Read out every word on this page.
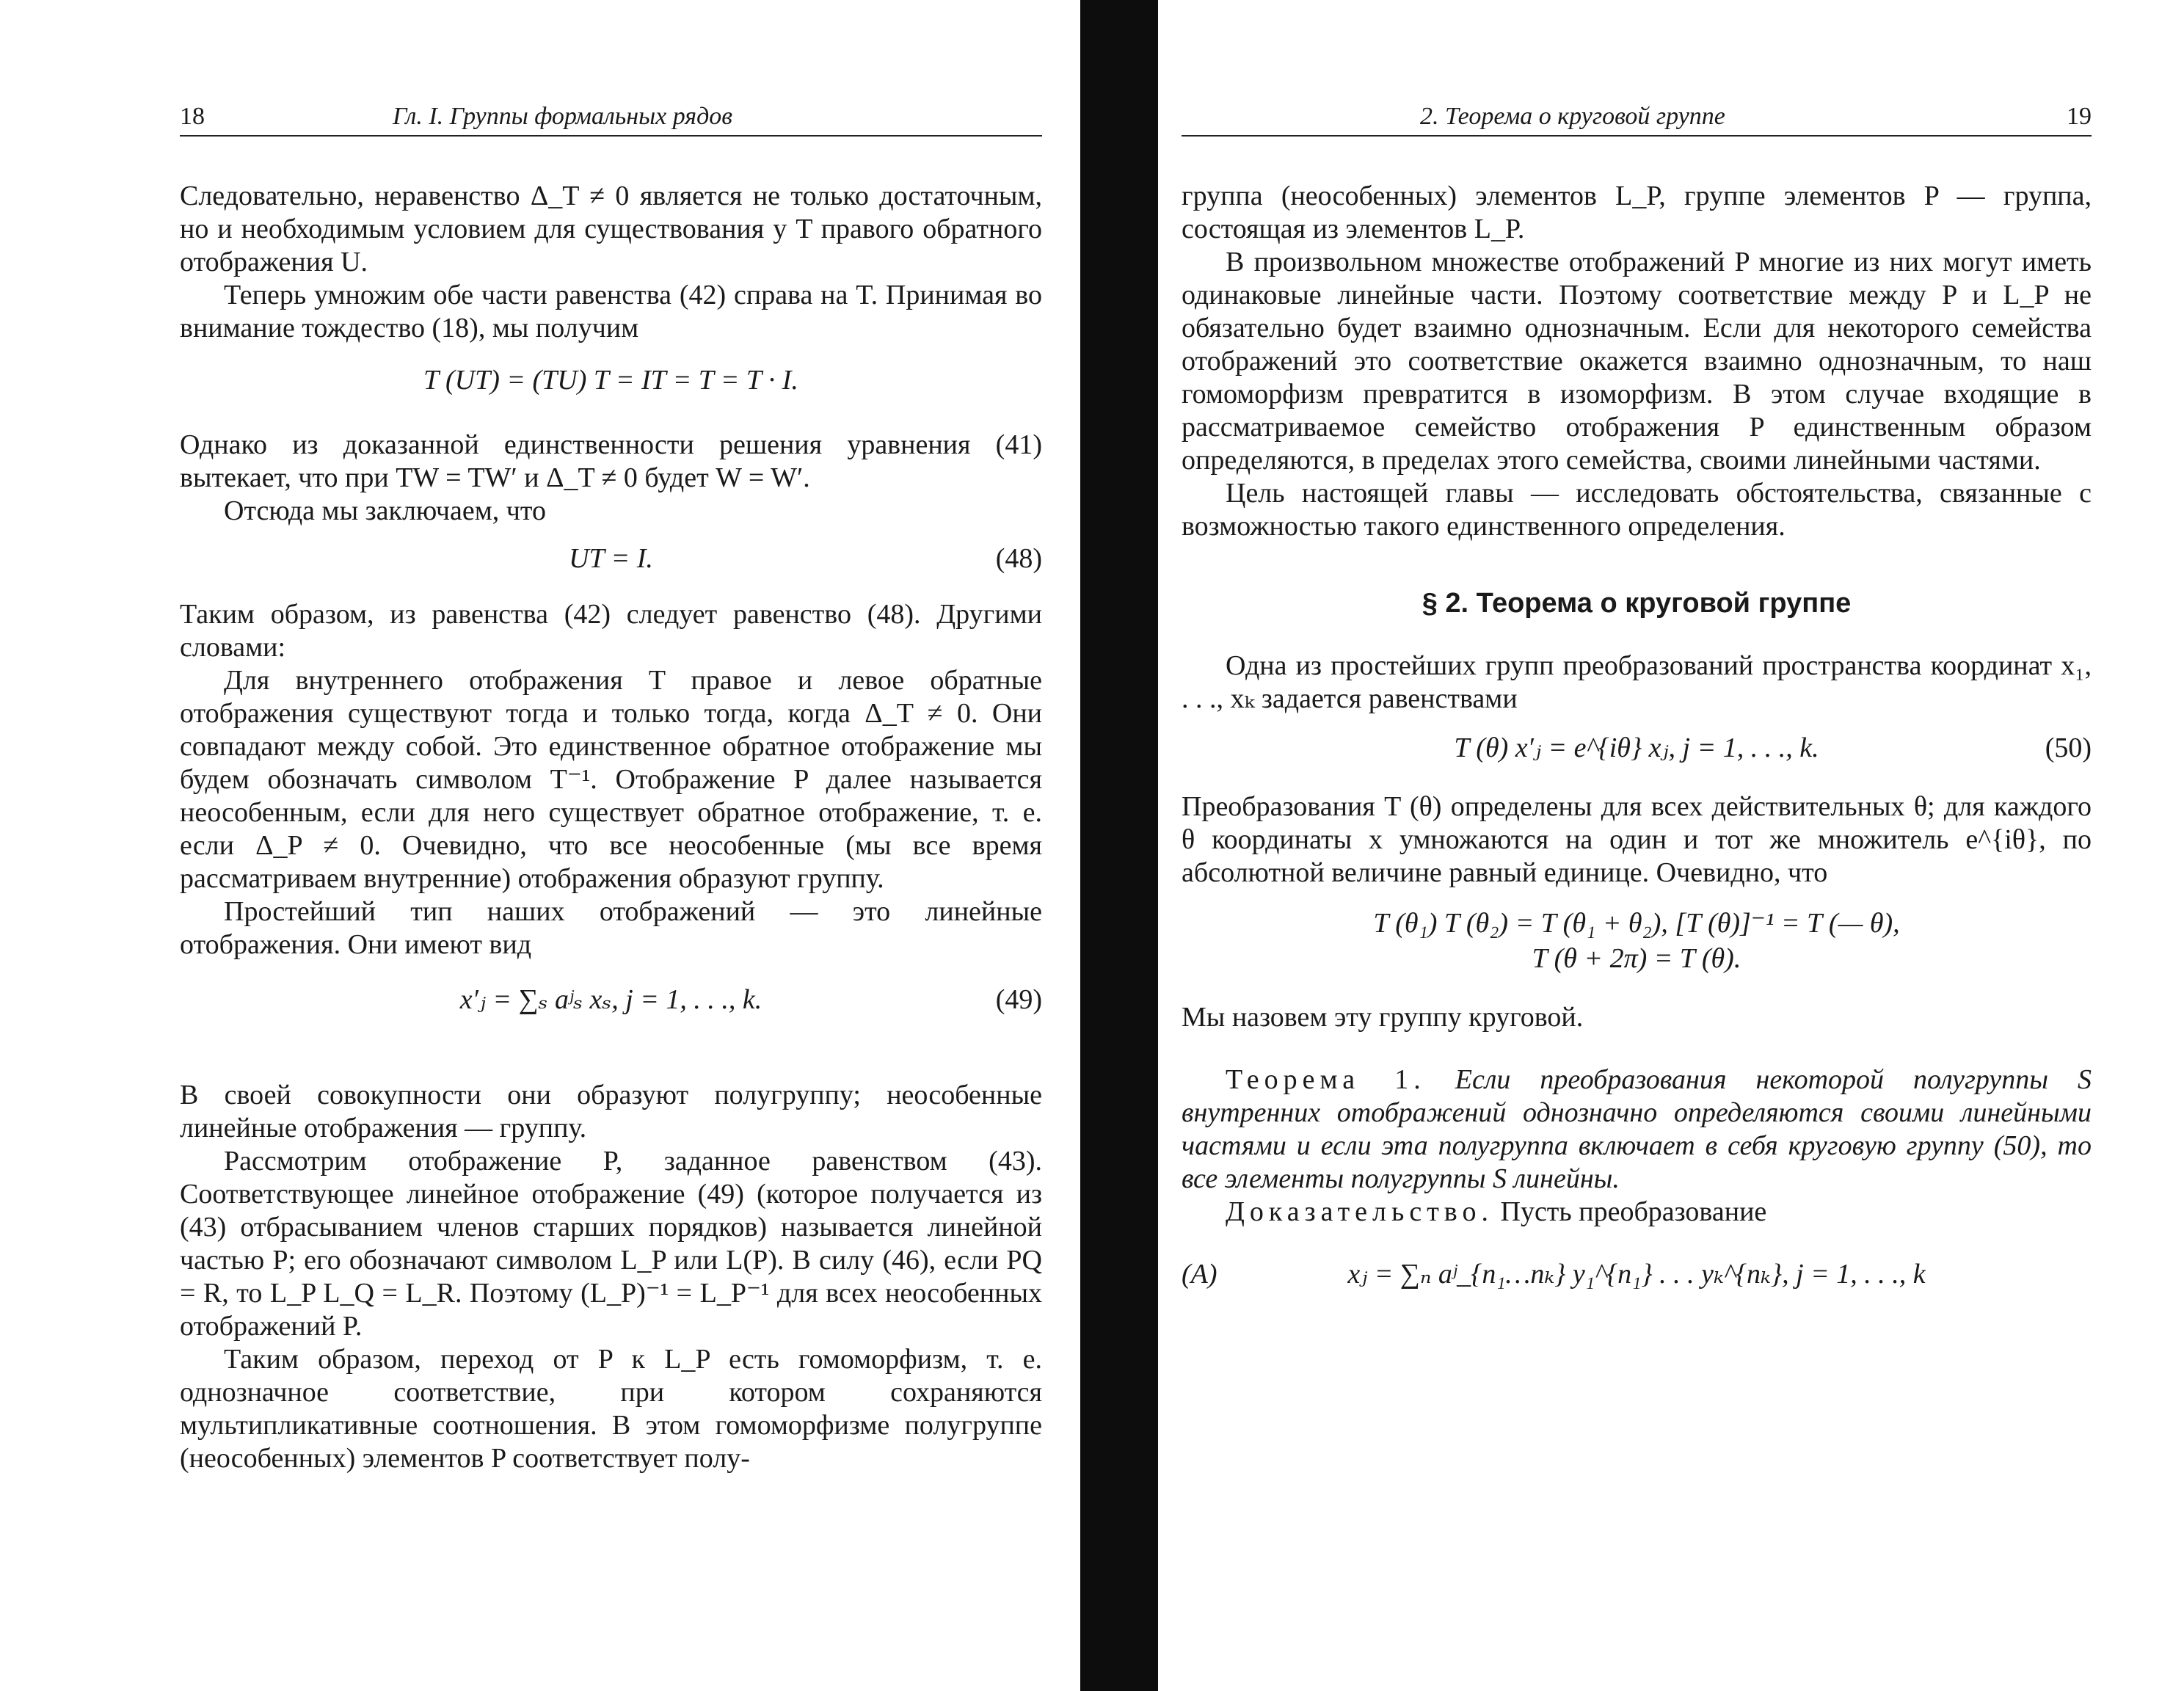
18	Гл. I. Группы формальных рядов

Следовательно, неравенство Δ_T ≠ 0 является не только достаточным, но и необходимым условием для существования у T правого обратного отображения U.

Теперь умножим обе части равенства (42) справа на T. Принимая во внимание тождество (18), мы получим

T (UT) = (TU) T = IT = T = T · I.

Однако из доказанной единственности решения уравнения (41) вытекает, что при TW = TW′ и Δ_T ≠ 0 будет W = W′.

Отсюда мы заключаем, что

UT = I.	(48)

Таким образом, из равенства (42) следует равенство (48). Другими словами:

Для внутреннего отображения T правое и левое обратные отображения существуют тогда и только тогда, когда Δ_T ≠ 0. Они совпадают между собой. Это единственное обратное отображение мы будем обозначать символом T⁻¹. Отображение P далее называется неособенным, если для него существует обратное отображение, т. е. если Δ_P ≠ 0. Очевидно, что все неособенные (мы все время рассматриваем внутренние) отображения образуют группу.

Простейший тип наших отображений — это линейные отображения. Они имеют вид

x′ⱼ = ∑ₛ aʲₛ xₛ, j = 1, . . ., k.	(49)

В своей совокупности они образуют полугруппу; неособенные линейные отображения — группу.

Рассмотрим отображение P, заданное равенством (43). Соответствующее линейное отображение (49) (которое получается из (43) отбрасыванием членов старших порядков) называется линейной частью P; его обозначают символом L_P или L(P). В силу (46), если PQ = R, то L_P L_Q = L_R. Поэтому (L_P)⁻¹ = L_P⁻¹ для всех неособенных отображений P.

Таким образом, переход от P к L_P есть гомоморфизм, т. е. однозначное соответствие, при котором сохраняются мультипликативные соотношения. В этом гомоморфизме полугруппе (неособенных) элементов P соответствует полу-

2. Теорема о круговой группе	19

группа (неособенных) элементов L_P, группе элементов P — группа, состоящая из элементов L_P.

В произвольном множестве отображений P многие из них могут иметь одинаковые линейные части. Поэтому соответствие между P и L_P не обязательно будет взаимно однозначным. Если для некоторого семейства отображений это соответствие окажется взаимно однозначным, то наш гомоморфизм превратится в изоморфизм. В этом случае входящие в рассматриваемое семейство отображения P единственным образом определяются, в пределах этого семейства, своими линейными частями.

Цель настоящей главы — исследовать обстоятельства, связанные с возможностью такого единственного определения.

§ 2. Теорема о круговой группе

Одна из простейших групп преобразований пространства координат x₁, . . ., xₖ задается равенствами

T (θ) x′ⱼ = e^{iθ} xⱼ, j = 1, . . ., k.	(50)

Преобразования T (θ) определены для всех действительных θ; для каждого θ координаты x умножаются на один и тот же множитель e^{iθ}, по абсолютной величине равный единице. Очевидно, что

T (θ₁) T (θ₂) = T (θ₁ + θ₂), [T (θ)]⁻¹ = T (— θ),
T (θ + 2π) = T (θ).

Мы назовем эту группу круговой.

Теорема 1. Если преобразования некоторой полугруппы S внутренних отображений однозначно определяются своими линейными частями и если эта полугруппа включает в себя круговую группу (50), то все элементы полугруппы S линейны.

Доказательство. Пусть преобразование

(A)	xⱼ = ∑ₙ aʲ_{n₁…nₖ} y₁^{n₁} . . . yₖ^{nₖ}, j = 1, . . ., k
